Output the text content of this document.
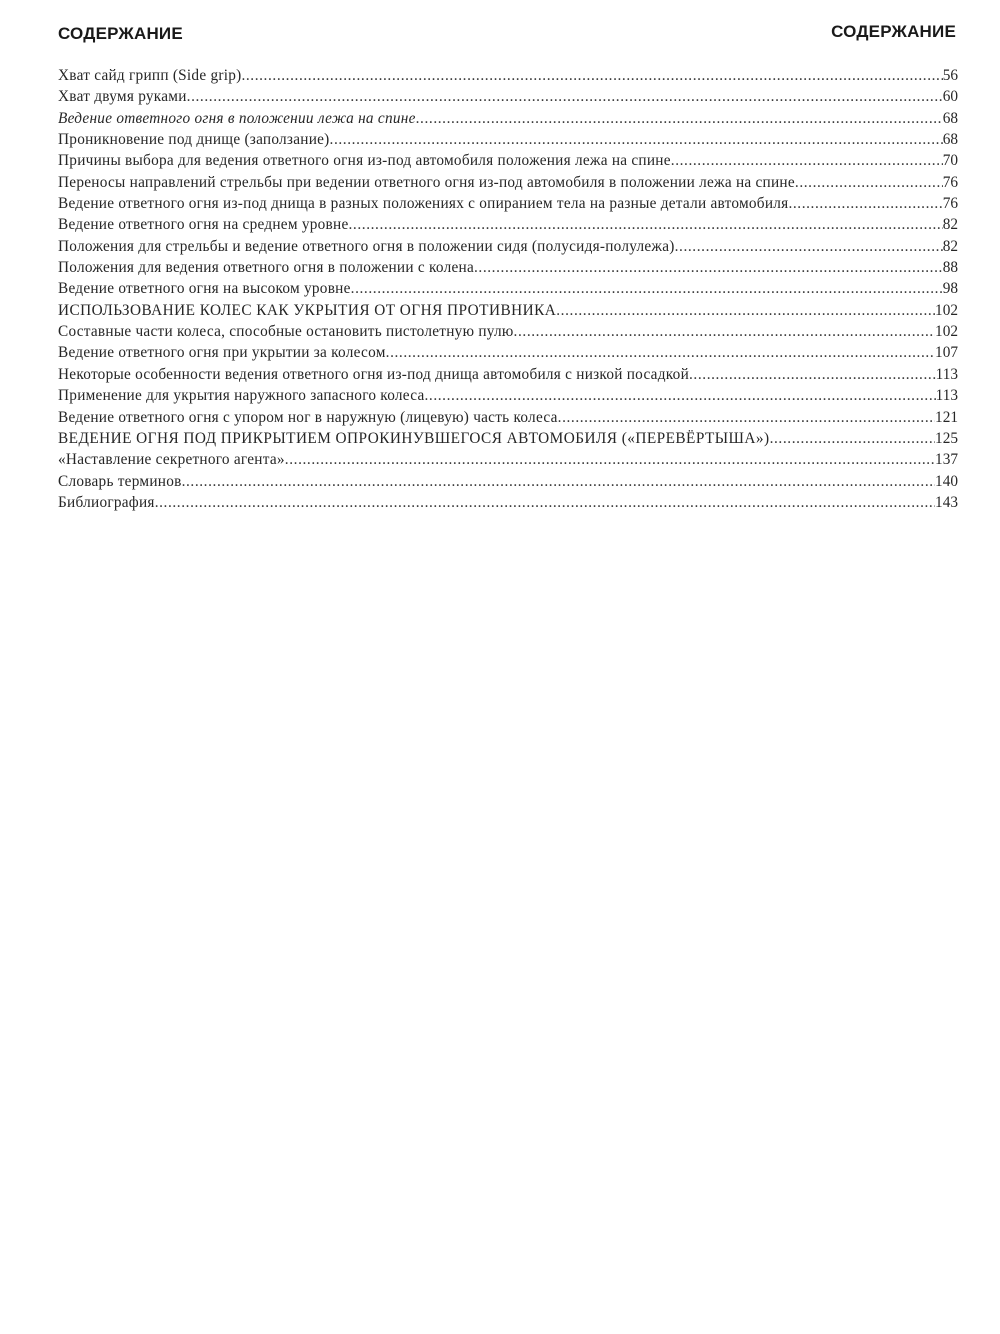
СОДЕРЖАНИЕ	СОДЕРЖАНИЕ
Хват сайд грипп (Side grip) .....	56
Хват двумя руками .....	60
Ведение ответного огня в положении лежа на спине .....	68
Проникновение под днище (заползание) .....	68
Причины выбора для ведения ответного огня из-под автомобиля положения лежа на спине .....	70
Переносы направлений стрельбы при ведении ответного огня из-под автомобиля в положении лежа на спине .....	76
Ведение ответного огня из-под днища в разных положениях с опиранием тела на разные детали автомобиля .....	76
Ведение ответного огня на среднем уровне .....	82
Положения для стрельбы и ведение ответного огня в положении сидя (полусидя-полулежа) .....	82
Положения для ведения ответного огня в положении с колена .....	88
Ведение ответного огня на высоком уровне .....	98
ИСПОЛЬЗОВАНИЕ КОЛЕС КАК УКРЫТИЯ ОТ ОГНЯ ПРОТИВНИКА .....	102
Составные части колеса, способные остановить пистолетную пулю .....	102
Ведение ответного огня при укрытии за колесом .....	107
Некоторые особенности ведения ответного огня из-под днища автомобиля с низкой посадкой .....	113
Применение для укрытия наружного запасного колеса .....	113
Ведение ответного огня с упором ног в наружную (лицевую) часть колеса .....	121
ВЕДЕНИЕ ОГНЯ ПОД ПРИКРЫТИЕМ ОПРОКИНУВШЕГОСЯ АВТОМОБИЛЯ («ПЕРЕВЁРТЫША») .....	125
«Наставление секретного агента» .....	137
Словарь терминов .....	140
Библиография .....	143
